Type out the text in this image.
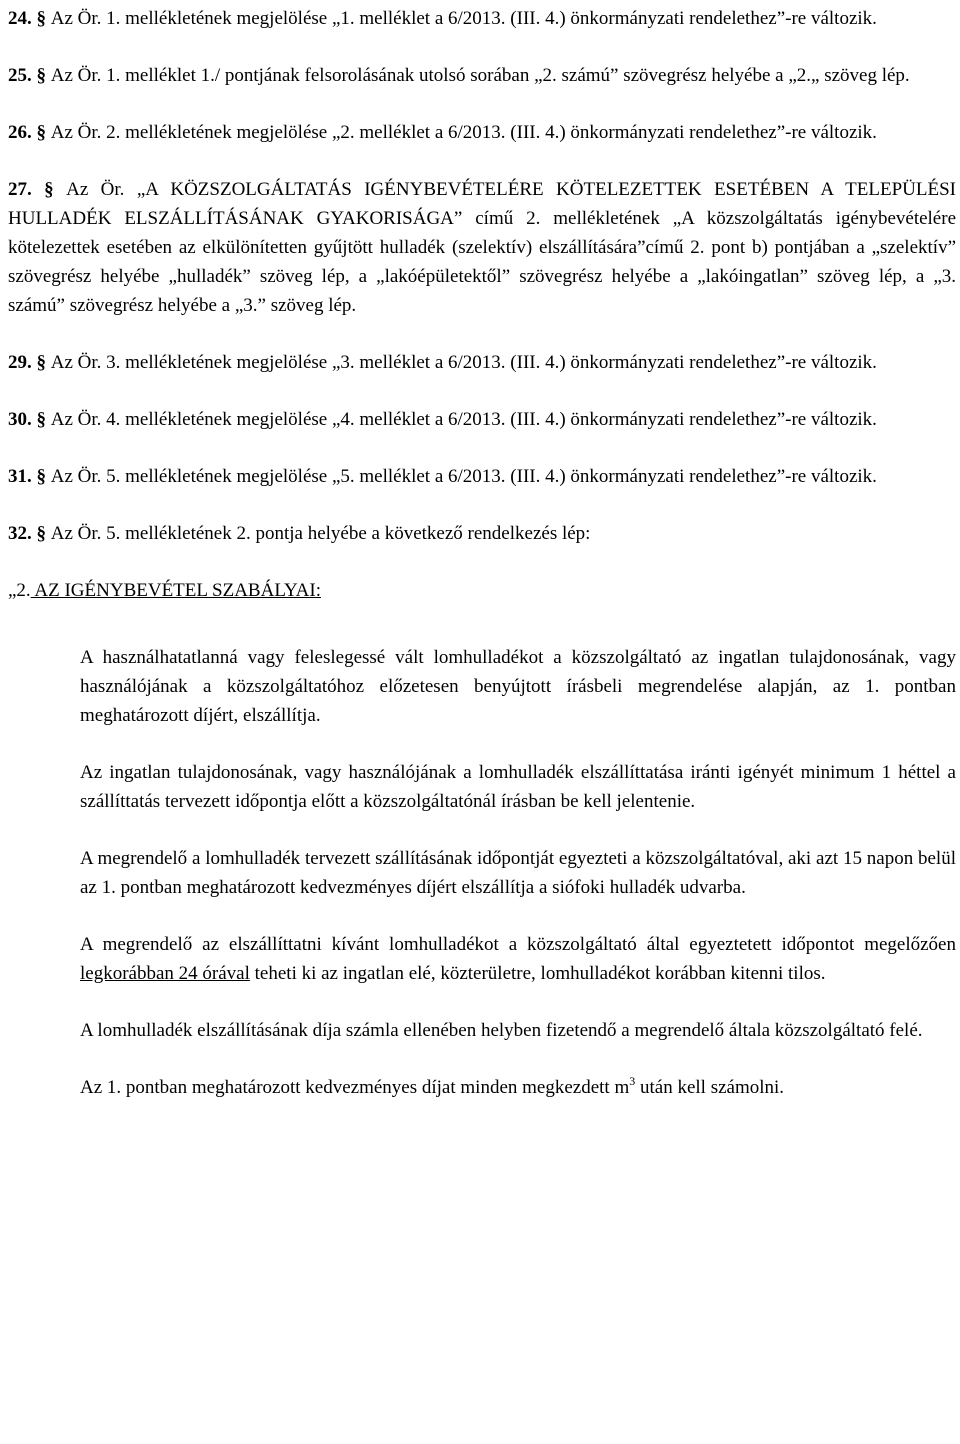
24. § Az Ör. 1. mellékletének megjelölése „1. melléklet a 6/2013. (III. 4.) önkormányzati rendelethez”-re változik.

25. § Az Ör. 1. melléklet 1./ pontjának felsorolásának utolsó sorában „2. számú” szövegrész helyébe a „2.„ szöveg lép.

26. § Az Ör. 2. mellékletének megjelölése „2. melléklet a 6/2013. (III. 4.) önkormányzati rendelethez”-re változik.

27. § Az Ör. „A KÖZSZOLGÁLTATÁS IGÉNYBEVÉTELÉRE KÖTELEZETTEK ESETÉBEN A TELEPÜLÉSI HULLADÉK ELSZÁLLÍTÁSÁNAK GYAKORISÁGA” című 2. mellékletének „A közszolgáltatás igénybevételére kötelezettek esetében az elkülönítetten gyűjtött hulladék (szelektív) elszállítására”című 2. pont b) pontjában a „szelektív” szövegrész helyébe „hulladék” szöveg lép, a „lakóépületektől” szövegrész helyébe a „lakóingatlan” szöveg lép, a „3. számú” szövegrész helyébe a „3.” szöveg lép.

29. § Az Ör. 3. mellékletének megjelölése „3. melléklet a 6/2013. (III. 4.) önkormányzati rendelethez”-re változik.

30. § Az Ör. 4. mellékletének megjelölése „4. melléklet a 6/2013. (III. 4.) önkormányzati rendelethez”-re változik.

31. § Az Ör. 5. mellékletének megjelölése „5. melléklet a 6/2013. (III. 4.) önkormányzati rendelethez”-re változik.

32. § Az Ör. 5. mellékletének 2. pontja helyébe a következő rendelkezés lép:

„2. AZ IGÉNYBEVÉTEL SZABÁLYAI:

A használhatatlanná vagy feleslegessé vált lomhulladékot a közszolgáltató az ingatlan tulajdonosának, vagy használójának a közszolgáltatóhoz előzetesen benyújtott írásbeli megrendelése alapján, az 1. pontban meghatározott díjért, elszállítja.

Az ingatlan tulajdonosának, vagy használójának a lomhulladék elszállíttatása iránti igényét minimum 1 héttel a szállíttatás tervezett időpontja előtt a közszolgáltatónál írásban be kell jelentenie.

A megrendelő a lomhulladék tervezett szállításának időpontját egyezteti a közszolgáltatóval, aki azt 15 napon belül az 1. pontban meghatározott kedvezményes díjért elszállítja a siófoki hulladék udvarba.

A megrendelő az elszállíttatni kívánt lomhulladékot a közszolgáltató által egyeztetett időpontot megelőzően legkorábban 24 órával teheti ki az ingatlan elé, közterületre, lomhulladékot korábban kitenni tilos.

A lomhulladék elszállításának díja számla ellenében helyben fizetendő a megrendelő általa közszolgáltató felé.

Az 1. pontban meghatározott kedvezményes díjat minden megkezdett $m^3$ után kell számolni.
